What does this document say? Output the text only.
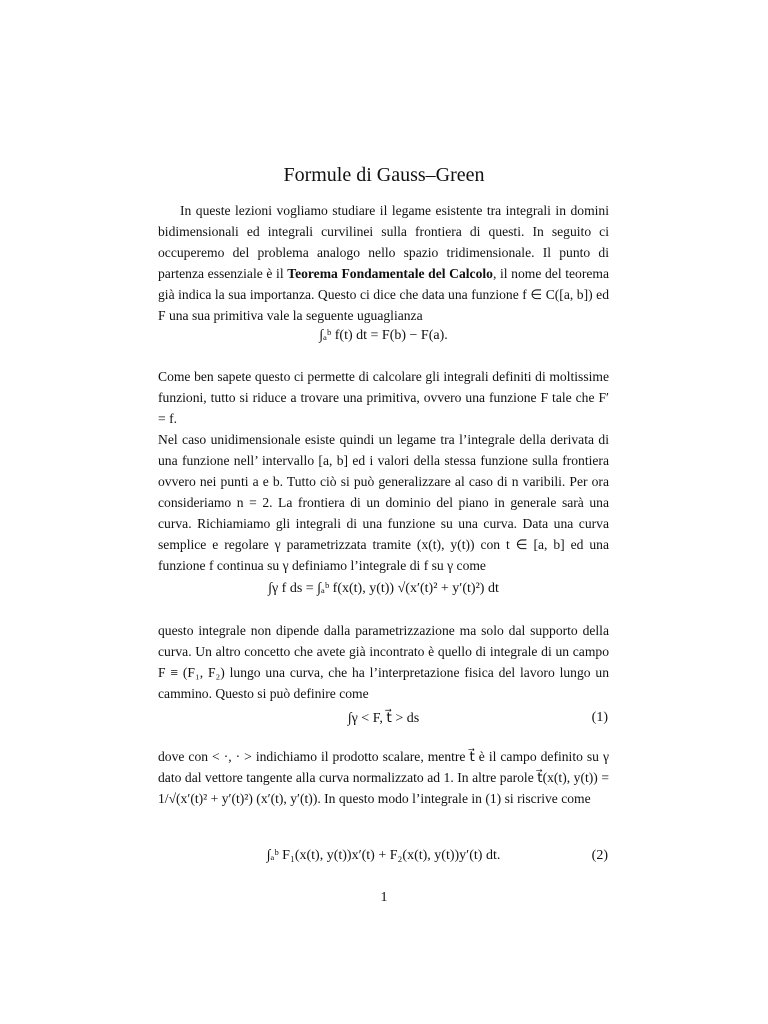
Formule di Gauss–Green
In queste lezioni vogliamo studiare il legame esistente tra integrali in domini bidimensionali ed integrali curvilinei sulla frontiera di questi. In seguito ci occuperemo del problema analogo nello spazio tridimensionale. Il punto di partenza essenziale è il Teorema Fondamentale del Calcolo, il nome del teorema già indica la sua importanza. Questo ci dice che data una funzione f ∈ C([a, b]) ed F una sua primitiva vale la seguente uguaglianza
∫ₐᵇ f(t) dt = F(b) − F(a).
Come ben sapete questo ci permette di calcolare gli integrali definiti di moltissime funzioni, tutto si riduce a trovare una primitiva, ovvero una funzione F tale che F′ = f.
Nel caso unidimensionale esiste quindi un legame tra l’integrale della derivata di una funzione nell’ intervallo [a, b] ed i valori della stessa funzione sulla frontiera ovvero nei punti a e b. Tutto ciò si può generalizzare al caso di n varibili. Per ora consideriamo n = 2. La frontiera di un dominio del piano in generale sarà una curva. Richiamiamo gli integrali di una funzione su una curva. Data una curva semplice e regolare γ parametrizzata tramite (x(t), y(t)) con t ∈ [a, b] ed una funzione f continua su γ definiamo l’integrale di f su γ come
∫γ f ds = ∫ₐᵇ f(x(t), y(t)) √(x′(t)² + y′(t)²) dt
questo integrale non dipende dalla parametrizzazione ma solo dal supporto della curva. Un altro concetto che avete già incontrato è quello di integrale di un campo F ≡ (F₁, F₂) lungo una curva, che ha l’interpretazione fisica del lavoro lungo un cammino. Questo si può definire come
∫γ < F, t⃗ > ds	(1)
dove con < ·, · > indichiamo il prodotto scalare, mentre t⃗ è il campo definito su γ dato dal vettore tangente alla curva normalizzato ad 1. In altre parole t⃗(x(t), y(t)) = 1/√(x′(t)² + y′(t)²) (x′(t), y′(t)). In questo modo l’integrale in (1) si riscrive come
∫ₐᵇ F₁(x(t), y(t))x′(t) + F₂(x(t), y(t))y′(t) dt.	(2)
1
